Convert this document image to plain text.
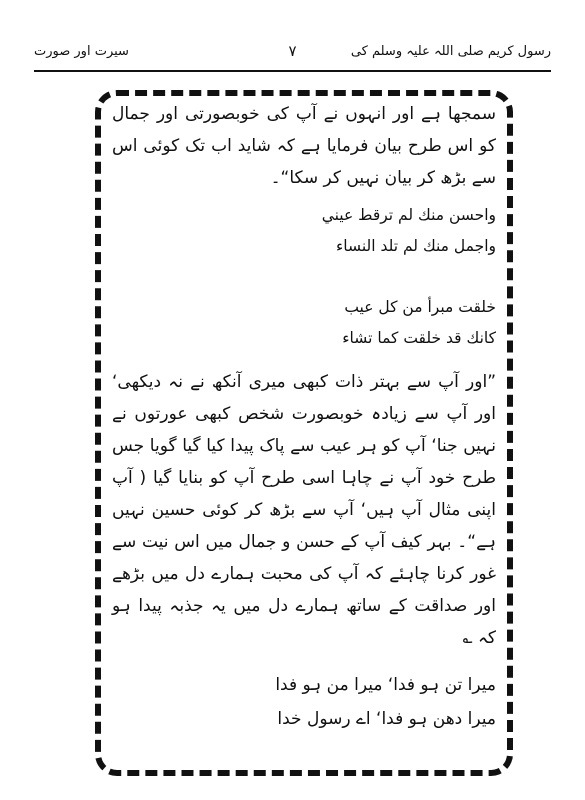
رسول کریم صلی اللہ علیہ وسلم کی
۷
سیرت اور صورت

سمجھا ہے اور انہوں نے آپ کی خوبصورتی اور جمال کو اس طرح بیان فرمایا ہے کہ شاید اب تک کوئی اس سے بڑھ کر بیان نہیں کر سکا“۔

واحسن منك لم ترقط عيني
واجمل منك لم تلد النساء
خلقت مبرأ من كل عيب
كانك قد خلقت كما تشاء

”اور آپ سے بہتر ذات کبھی میری آنکھ نے نہ دیکھی‘ اور آپ سے زیادہ خوبصورت شخص کبھی عورتوں نے نہیں جنا‘ آپ کو ہر عیب سے پاک پیدا کیا گیا گویا جس طرح خود آپ نے چاہا اسی طرح آپ کو بنایا گیا ( آپ اپنی مثال آپ ہیں‘ آپ سے بڑھ کر کوئی حسین نہیں ہے“۔ بہر کیف آپ کے حسن و جمال میں اس نیت سے غور کرنا چاہئے کہ آپ کی محبت ہمارے دل میں بڑھے اور صداقت کے ساتھ ہمارے دل میں یہ جذبہ پیدا ہو کہ ؎

میرا تن ہو فدا‘ میرا من ہو فدا
میرا دھن ہو فدا‘ اے رسول خدا
